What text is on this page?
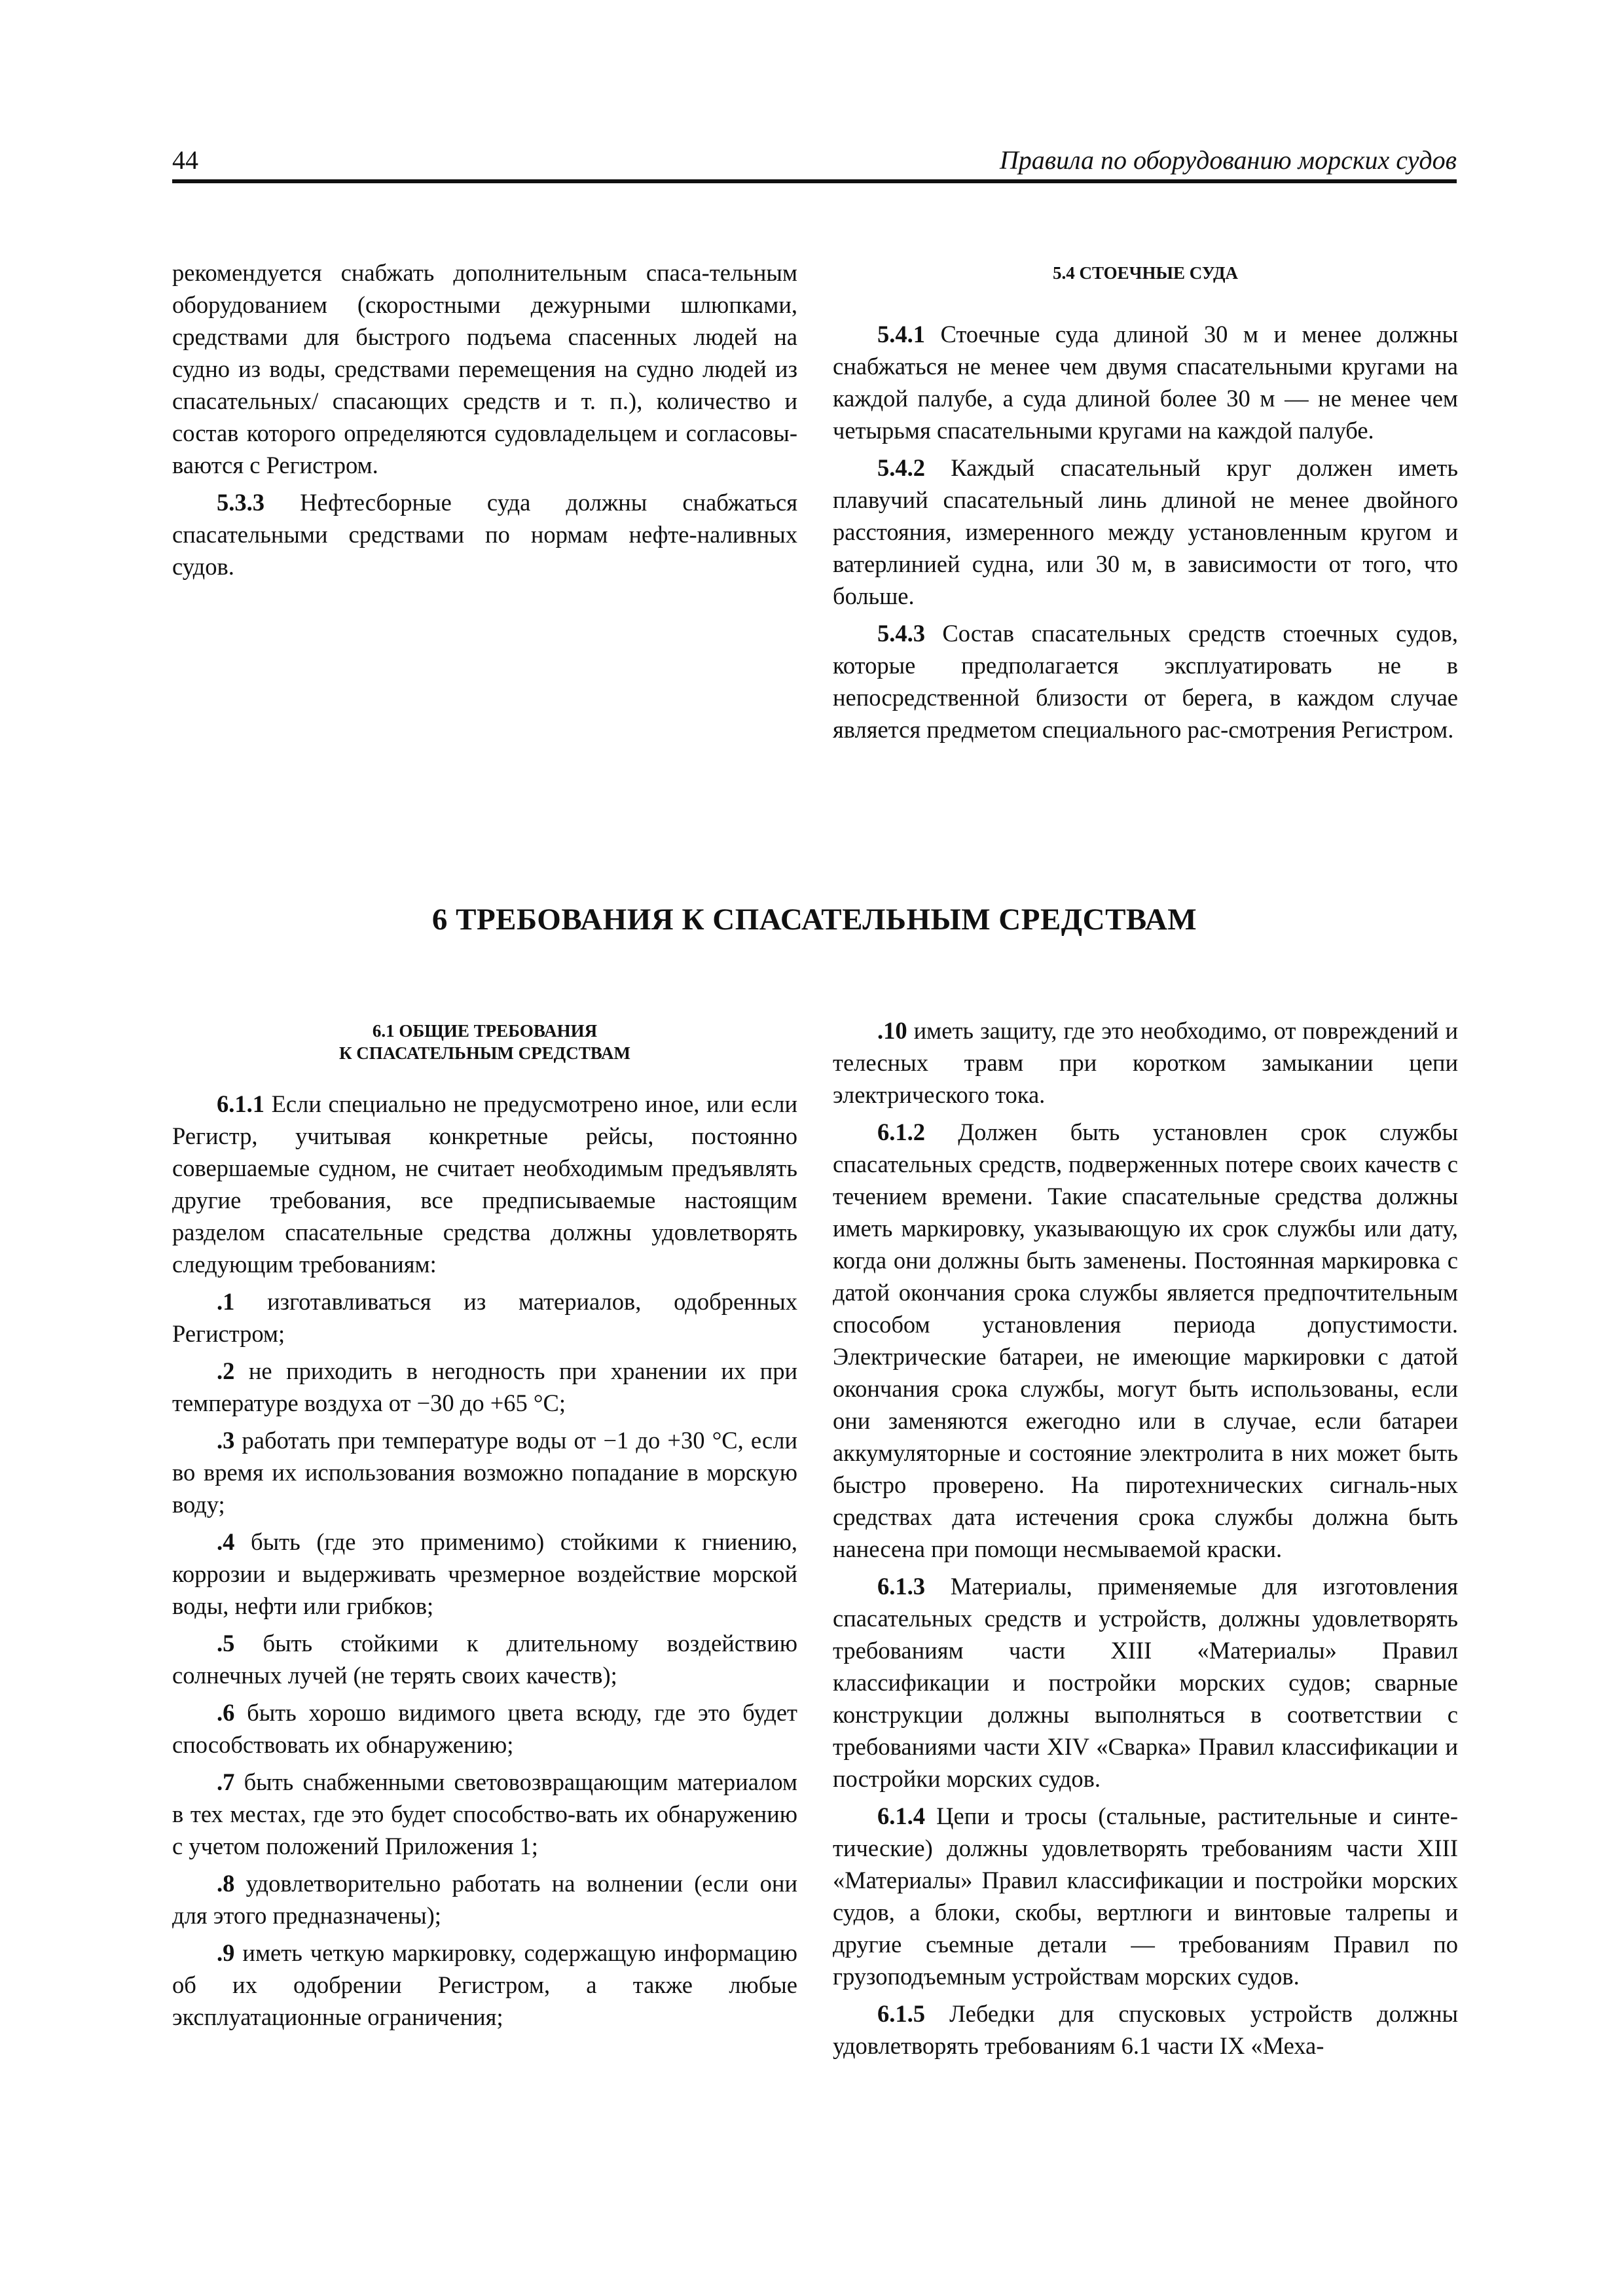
44	Правила по оборудованию морских судов

рекомендуется снабжать дополнительным спаса-тельным оборудованием (скоростными дежурными шлюпками, средствами для быстрого подъема спасенных людей на судно из воды, средствами перемещения на судно людей из спасательных/ спасающих средств и т. п.), количество и состав которого определяются судовладельцем и согласовы-ваются с Регистром.

5.3.3 Нефтесборные суда должны снабжаться спасательными средствами по нормам нефте-наливных судов.

5.4 СТОЕЧНЫЕ СУДА

5.4.1 Стоечные суда длиной 30 м и менее должны снабжаться не менее чем двумя спасательными кругами на каждой палубе, а суда длиной более 30 м — не менее чем четырьмя спасательными кругами на каждой палубе.

5.4.2 Каждый спасательный круг должен иметь плавучий спасательный линь длиной не менее двойного расстояния, измеренного между установленным кругом и ватерлинией судна, или 30 м, в зависимости от того, что больше.

5.4.3 Состав спасательных средств стоечных судов, которые предполагается эксплуатировать не в непосредственной близости от берега, в каждом случае является предметом специального рас-смотрения Регистром.

6 ТРЕБОВАНИЯ К СПАСАТЕЛЬНЫМ СРЕДСТВАМ
6.1 ОБЩИЕ ТРЕБОВАНИЯ
К СПАСАТЕЛЬНЫМ СРЕДСТВАМ

6.1.1 Если специально не предусмотрено иное, или если Регистр, учитывая конкретные рейсы, постоянно совершаемые судном, не считает необходимым предъявлять другие требования, все предписываемые настоящим разделом спасательные средства должны удовлетворять следующим требованиям:

.1 изготавливаться из материалов, одобренных Регистром;

.2 не приходить в негодность при хранении их при температуре воздуха от −30 до +65 °С;

.3 работать при температуре воды от −1 до +30 °С, если во время их использования возможно попадание в морскую воду;

.4 быть (где это применимо) стойкими к гниению, коррозии и выдерживать чрезмерное воздействие морской воды, нефти или грибков;

.5 быть стойкими к длительному воздействию солнечных лучей (не терять своих качеств);

.6 быть хорошо видимого цвета всюду, где это будет способствовать их обнаружению;

.7 быть снабженными световозвращающим материалом в тех местах, где это будет способство-вать их обнаружению с учетом положений Приложения 1;

.8 удовлетворительно работать на волнении (если они для этого предназначены);

.9 иметь четкую маркировку, содержащую информацию об их одобрении Регистром, а также любые эксплуатационные ограничения;

.10 иметь защиту, где это необходимо, от повреждений и телесных травм при коротком замыкании цепи электрического тока.

6.1.2 Должен быть установлен срок службы спасательных средств, подверженных потере своих качеств с течением времени. Такие спасательные средства должны иметь маркировку, указывающую их срок службы или дату, когда они должны быть заменены. Постоянная маркировка с датой окончания срока службы является предпочтительным способом установления периода допустимости. Электрические батареи, не имеющие маркировки с датой окончания срока службы, могут быть использованы, если они заменяются ежегодно или в случае, если батареи аккумуляторные и состояние электролита в них может быть быстро проверено. На пиротехнических сигналь-ных средствах дата истечения срока службы должна быть нанесена при помощи несмываемой краски.

6.1.3 Материалы, применяемые для изготовления спасательных средств и устройств, должны удовлетворять требованиям части XIII «Материалы» Правил классификации и постройки морских судов; сварные конструкции должны выполняться в соответствии с требованиями части XIV «Сварка» Правил классификации и постройки морских судов.

6.1.4 Цепи и тросы (стальные, растительные и синте-тические) должны удовлетворять требованиям части XIII «Материалы» Правил классификации и постройки морских судов, а блоки, скобы, вертлюги и винтовые талрепы и другие съемные детали — требованиям Правил по грузоподъемным устройствам морских судов.

6.1.5 Лебедки для спусковых устройств должны удовлетворять требованиям 6.1 части IX «Меха-
